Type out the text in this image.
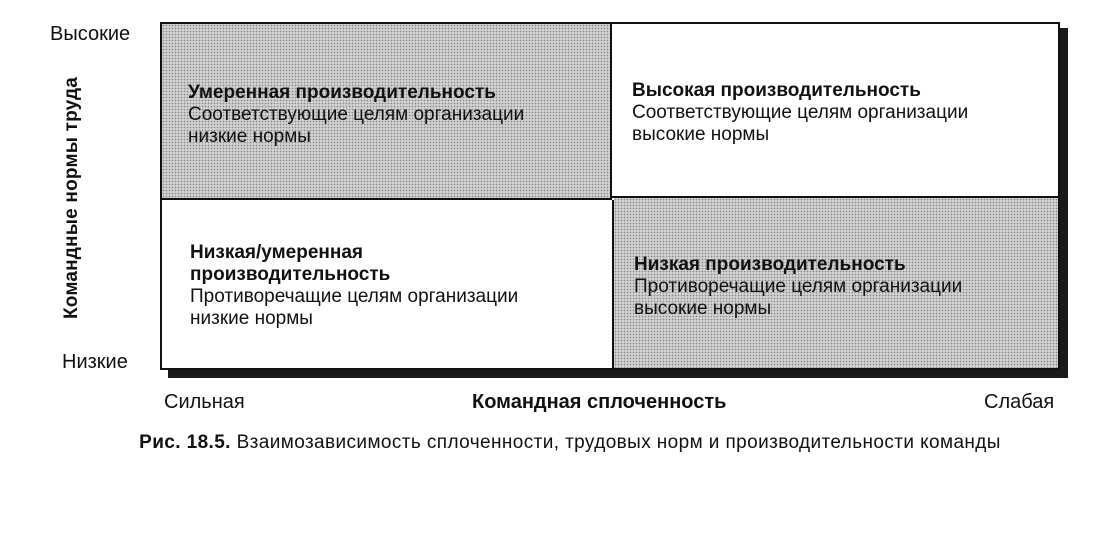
Высокие
Низкие
Командные нормы труда	Умеренная производительность
Соответствующие целям организации
низкие нормы
Высокая производительность
Соответствующие целям организации
высокие нормы
Низкая/умеренная производительность
Противоречащие целям организации
низкие нормы
Низкая производительность
Противоречащие целям организации
высокие нормы
Сильная	Командная сплоченность	Слабая
Рис. 18.5. Взаимозависимость сплоченности, трудовых норм и производительности команды
